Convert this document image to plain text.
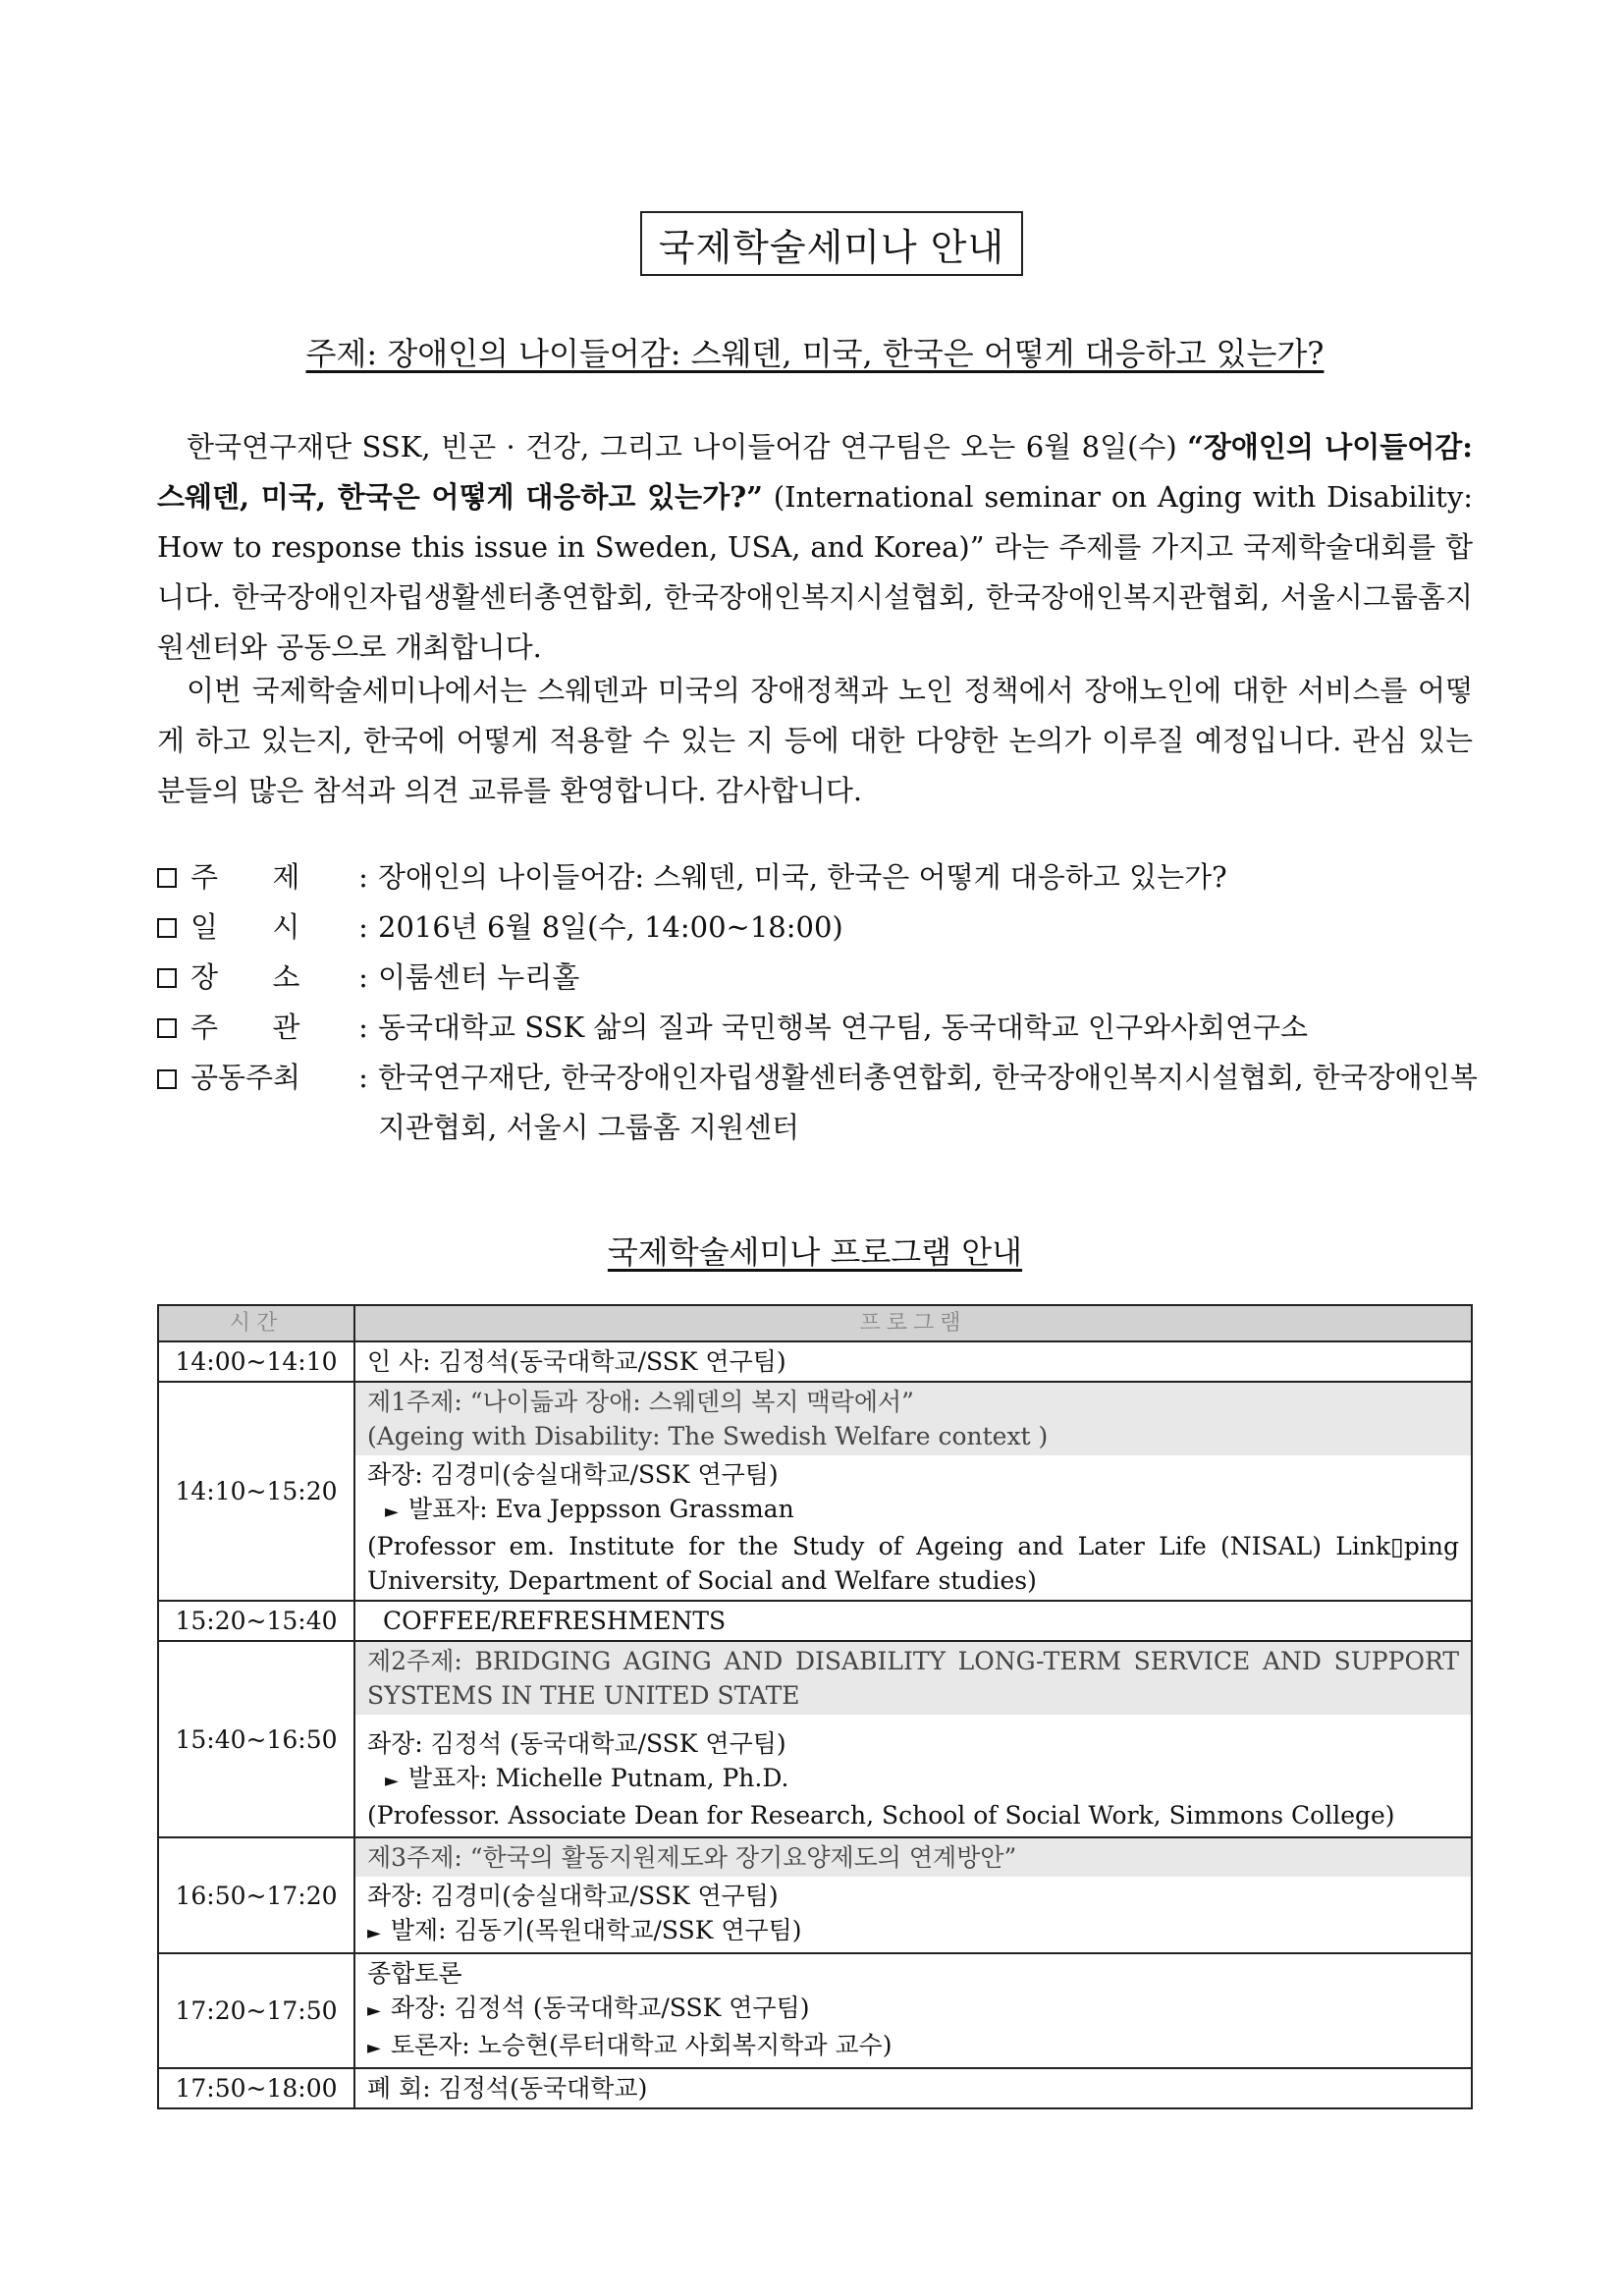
국제학술세미나 안내
주제: 장애인의 나이들어감: 스웨덴, 미국, 한국은 어떻게 대응하고 있는가?

한국연구재단 SSK, 빈곤 · 건강, 그리고 나이들어감 연구팀은 오는 6월 8일(수) “장애인의 나이들어감: 스웨덴, 미국, 한국은 어떻게 대응하고 있는가?” (International seminar on Aging with Disability: How to response this issue in Sweden, USA, and Korea)” 라는 주제를 가지고 국제학술대회를 합니다. 한국장애인자립생활센터총연합회, 한국장애인복지시설협회, 한국장애인복지관협회, 서울시그룹홈지원센터와 공동으로 개최합니다.

이번 국제학술세미나에서는 스웨덴과 미국의 장애정책과 노인 정책에서 장애노인에 대한 서비스를 어떻게 하고 있는지, 한국에 어떻게 적용할 수 있는 지 등에 대한 다양한 논의가 이루질 예정입니다. 관심 있는 분들의 많은 참석과 의견 교류를 환영합니다. 감사합니다.

주      제	: 장애인의 나이들어감: 스웨덴, 미국, 한국은 어떻게 대응하고 있는가?
일      시	: 2016년 6월 8일(수, 14:00~18:00)
장      소	: 이룸센터 누리홀
주      관	: 동국대학교 SSK 삶의 질과 국민행복 연구팀, 동국대학교 인구와사회연구소
공동주최	: 한국연구재단, 한국장애인자립생활센터총연합회, 한국장애인복지시설협회, 한국장애인복지관협회, 서울시 그룹홈 지원센터
국제학술세미나 프로그램 안내
시간	프로그램
14:00~14:10	인 사: 김정석(동국대학교/SSK 연구팀)
14:10~15:20	제1주제: “나이듦과 장애: 스웨덴의 복지 맥락에서”
(Ageing with Disability: The Swedish Welfare context )
좌장: 김경미(숭실대학교/SSK 연구팀)
► 발표자: Eva Jeppsson Grassman
(Professor em. Institute for the Study of Ageing and Later Life (NISAL) Link▯ping University, Department of Social and Welfare studies)

15:20~15:40	COFFEE/REFRESHMENTS
15:40~16:50	제2주제: BRIDGING AGING AND DISABILITY LONG-TERM SERVICE AND SUPPORT SYSTEMS IN THE UNITED STATE
좌장: 김정석 (동국대학교/SSK 연구팀)
► 발표자: Michelle Putnam, Ph.D.
(Professor. Associate Dean for Research, School of Social Work, Simmons College)

16:50~17:20	제3주제: “한국의 활동지원제도와 장기요양제도의 연계방안”
좌장: 김경미(숭실대학교/SSK 연구팀)
► 발제: 김동기(목원대학교/SSK 연구팀)

17:20~17:50	종합토론
► 좌장: 김정석 (동국대학교/SSK 연구팀)
► 토론자: 노승현(루터대학교 사회복지학과 교수)

17:50~18:00	폐 회: 김정석(동국대학교)
